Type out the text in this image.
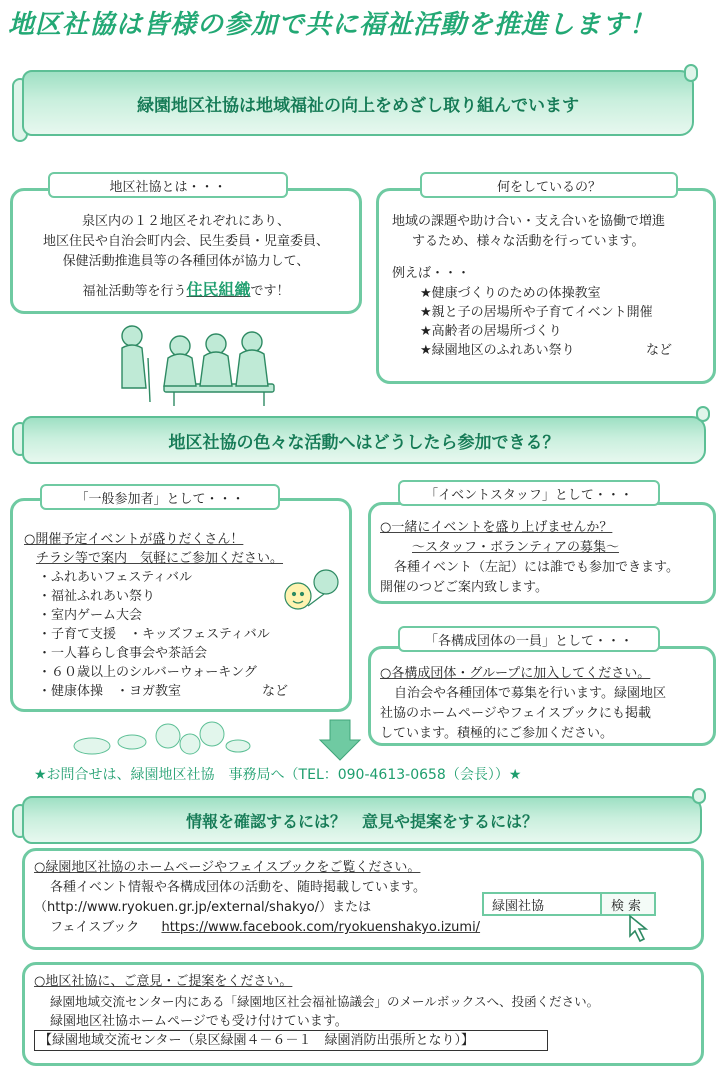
地区社協は皆様の参加で共に福祉活動を推進します！
緑園地区社協は地域福祉の向上をめざし取り組んでいます
地区社協とは・・・
泉区内の１２地区それぞれにあり、
地区住民や自治会町内会、民生委員・児童委員、
保健活動推進員等の各種団体が協力して、
福祉活動等を行う住民組織です！
何をしているの？
地域の課題や助け合い・支え合いを協働で増進
するため、様々な活動を行っています。
例えば・・・
★健康づくりのための体操教室
★親と子の居場所や子育てイベント開催
★高齢者の居場所づくり
★緑園地区のふれあい祭り	など
地区社協の色々な活動へはどうしたら参加できる？
「一般参加者」として・・・
○開催予定イベントが盛りだくさん！
チラシ等で案内　気軽にご参加ください。
・ふれあいフェスティバル
・福祉ふれあい祭り
・室内ゲーム大会
・子育て支援　・キッズフェスティバル
・一人暮らし食事会や茶話会
・６０歳以上のシルバーウォーキング
・健康体操　・ヨガ教室	など
「イベントスタッフ」として・・・
○一緒にイベントを盛り上げませんか？
～スタッフ・ボランティアの募集～
各種イベント（左記）には誰でも参加できます。
開催のつどご案内致します。
「各構成団体の一員」として・・・
○各構成団体・グループに加入してください。
自治会や各種団体で募集を行います。緑園地区
社協のホームページやフェイスブックにも掲載
しています。積極的にご参加ください。
★お問合せは、緑園地区社協　事務局へ（TEL：090-4613-0658（会長））★
情報を確認するには？　意見や提案をするには？
○緑園地区社協のホームページやフェイスブックをご覧ください。
各種イベント情報や各構成団体の活動を、随時掲載しています。
（http://www.ryokuen.gr.jp/external/shakyo/）または
フェイスブック https://www.facebook.com/ryokuenshakyo.izumi/
緑園社協	検索
○地区社協に、ご意見・ご提案をください。
緑園地域交流センター内にある「緑園地区社会福祉協議会」のメールボックスへ、投函ください。
緑園地区社協ホームページでも受け付けています。
【緑園地域交流センター（泉区緑園４－６－１　緑園消防出張所となり）】
